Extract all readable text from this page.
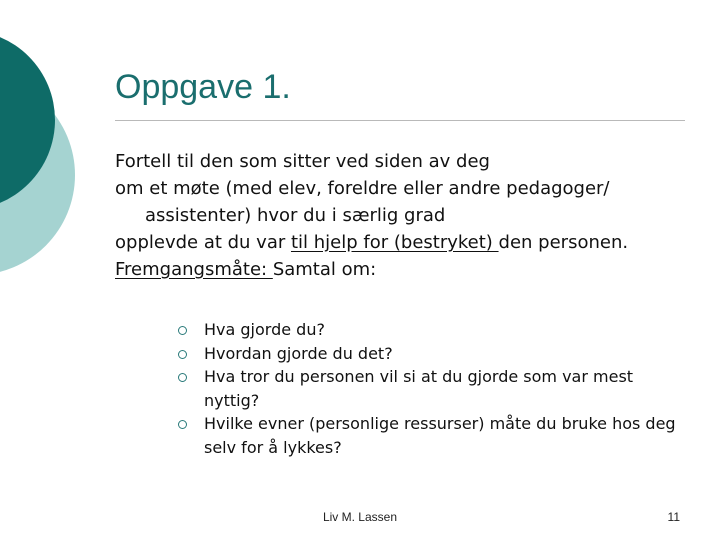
Oppgave 1.

Fortell til den som sitter ved siden av deg

om et møte (med elev, foreldre eller andre pedagoger/ assistenter) hvor du i særlig grad

opplevde at du var til hjelp for (bestryket) den personen.

Fremgangsmåte: Samtal om:

Hva gjorde du?
Hvordan gjorde du det?
Hva tror du personen vil si at du gjorde som var mest nyttig?
Hvilke evner (personlige ressurser) måte du bruke hos deg selv for å lykkes?
Liv M. Lassen	11
